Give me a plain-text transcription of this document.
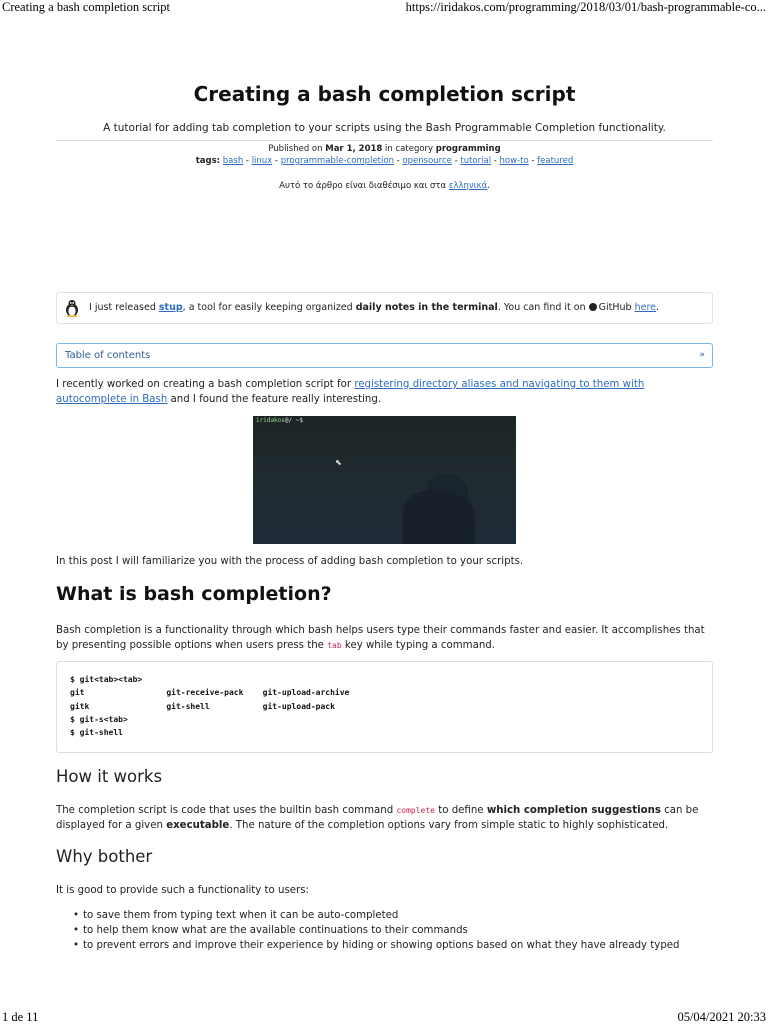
Creating a bash completion script	https://iridakos.com/programming/2018/03/01/bash-programmable-co...
Creating a bash completion script
A tutorial for adding tab completion to your scripts using the Bash Programmable Completion functionality.
Published on Mar 1, 2018 in category programming
tags: bash - linux - programmable-completion - opensource - tutorial - how-to - featured
Αυτό το άρθρο είναι διαθέσιμο και στα ελληνικά.
I just released stup, a tool for easily keeping organized daily notes in the terminal. You can find it on GitHub here.
Table of contents	»

I recently worked on creating a bash completion script for registering directory aliases and navigating to them with autocomplete in Bash and I found the feature really interesting.

iridakos@/ ~$
⬉

In this post I will familiarize you with the process of adding bash completion to your scripts.

What is bash completion?

Bash completion is a functionality through which bash helps users type their commands faster and easier. It accomplishes that by presenting possible options when users press the tab key while typing a command.

$ git<tab><tab>
git                 git-receive-pack    git-upload-archive
gitk                git-shell           git-upload-pack
$ git-s<tab>
$ git-shell
How it works

The completion script is code that uses the builtin bash command complete to define which completion suggestions can be displayed for a given executable. The nature of the completion options vary from simple static to highly sophisticated.

Why bother

It is good to provide such a functionality to users:

• to save them from typing text when it can be auto-completed
• to help them know what are the available continuations to their commands
• to prevent errors and improve their experience by hiding or showing options based on what they have already typed
1 de 11	05/04/2021 20:33
